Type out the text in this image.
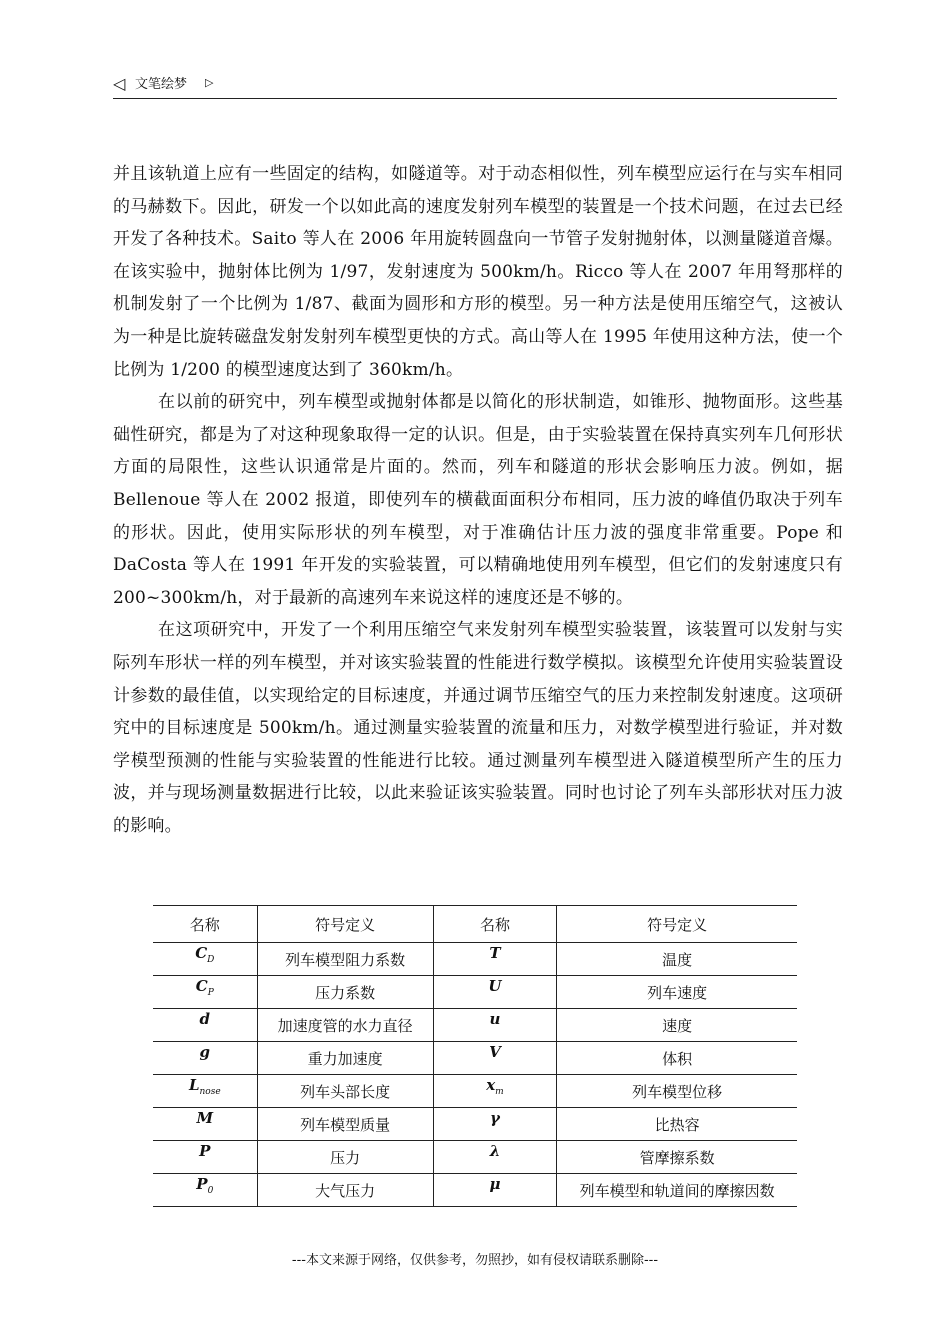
◁ 文笔绘梦 ▷

并且该轨道上应有一些固定的结构，如隧道等。对于动态相似性，列车模型应运行在与实车相同的马赫数下。因此，研发一个以如此高的速度发射列车模型的装置是一个技术问题，在过去已经开发了各种技术。Saito 等人在 2006 年用旋转圆盘向一节管子发射抛射体，以测量隧道音爆。在该实验中，抛射体比例为 1/97，发射速度为 500km/h。Ricco 等人在 2007 年用弩那样的机制发射了一个比例为 1/87、截面为圆形和方形的模型。另一种方法是使用压缩空气，这被认为一种是比旋转磁盘发射发射列车模型更快的方式。高山等人在 1995 年使用这种方法，使一个比例为 1/200 的模型速度达到了 360km/h。

在以前的研究中，列车模型或抛射体都是以简化的形状制造，如锥形、抛物面形。这些基础性研究，都是为了对这种现象取得一定的认识。但是，由于实验装置在保持真实列车几何形状方面的局限性，这些认识通常是片面的。然而，列车和隧道的形状会影响压力波。例如，据 Bellenoue 等人在 2002 报道，即使列车的横截面面积分布相同，压力波的峰值仍取决于列车的形状。因此，使用实际形状的列车模型，对于准确估计压力波的强度非常重要。Pope 和 DaCosta 等人在 1991 年开发的实验装置，可以精确地使用列车模型，但它们的发射速度只有 200~300km/h，对于最新的高速列车来说这样的速度还是不够的。

在这项研究中，开发了一个利用压缩空气来发射列车模型实验装置，该装置可以发射与实际列车形状一样的列车模型，并对该实验装置的性能进行数学模拟。该模型允许使用实验装置设计参数的最佳值，以实现给定的目标速度，并通过调节压缩空气的压力来控制发射速度。这项研究中的目标速度是 500km/h。通过测量实验装置的流量和压力，对数学模型进行验证，并对数学模型预测的性能与实验装置的性能进行比较。通过测量列车模型进入隧道模型所产生的压力波，并与现场测量数据进行比较，以此来验证该实验装置。同时也讨论了列车头部形状对压力波的影响。

名称	符号定义	名称	符号定义
$C_D$	列车模型阻力系数	T	温度
$C_P$	压力系数	U	列车速度
d	加速度管的水力直径	u	速度
g	重力加速度	V	体积
$L_{nose}$	列车头部长度	$x_m$	列车模型位移
M	列车模型质量	γ	比热容
P	压力	λ	管摩擦系数
$P_0$	大气压力	μ	列车模型和轨道间的摩擦因数
---本文来源于网络，仅供参考，勿照抄，如有侵权请联系删除---
